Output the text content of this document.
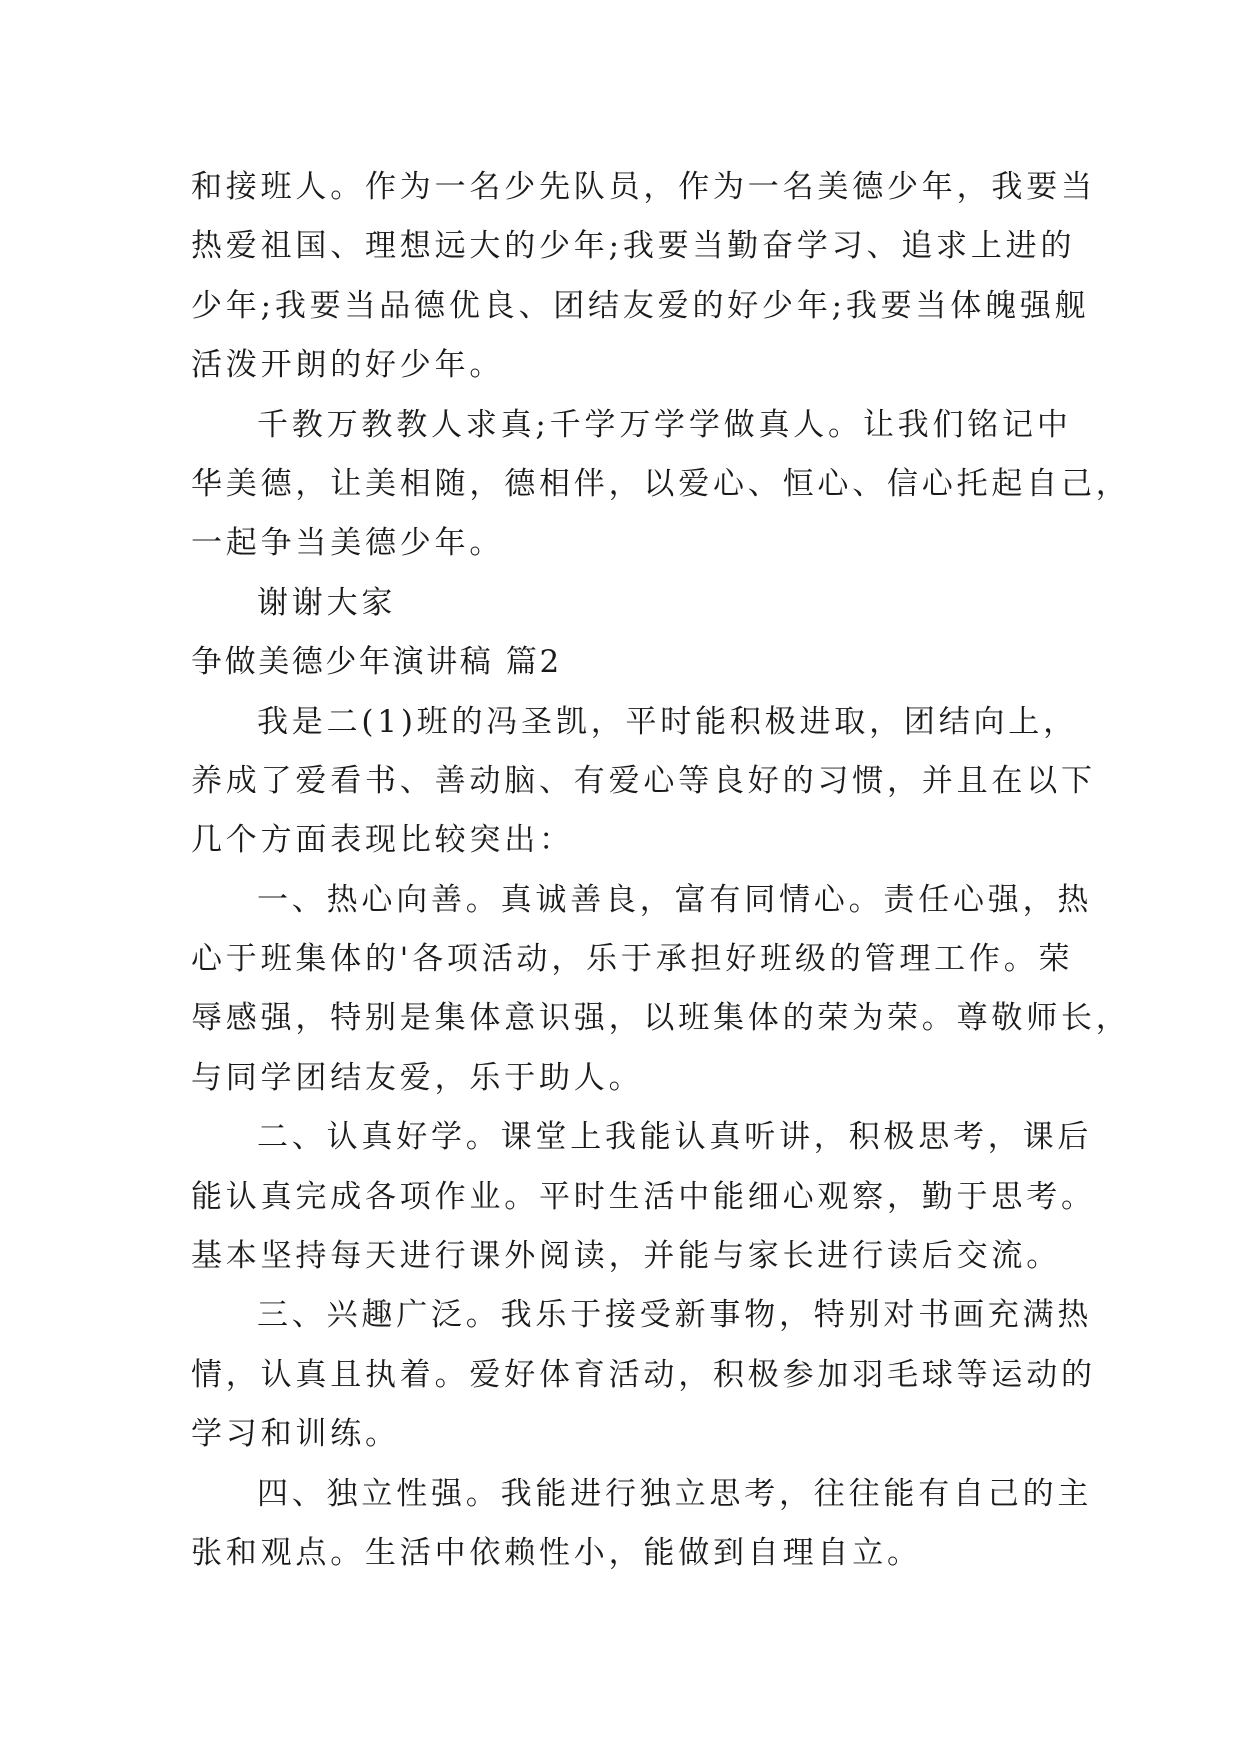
和接班人。作为一名少先队员，作为一名美德少年，我要当
热爱祖国、理想远大的少年;我要当勤奋学习、追求上进的
少年;我要当品德优良、团结友爱的好少年;我要当体魄强舰
活泼开朗的好少年。
千教万教教人求真;千学万学学做真人。让我们铭记中
华美德，让美相随，德相伴，以爱心、恒心、信心托起自己，
一起争当美德少年。
谢谢大家
争做美德少年演讲稿 篇2
我是二(1)班的冯圣凯，平时能积极进取，团结向上，
养成了爱看书、善动脑、有爱心等良好的习惯，并且在以下
几个方面表现比较突出：
一、热心向善。真诚善良，富有同情心。责任心强，热
心于班集体的'各项活动，乐于承担好班级的管理工作。荣
辱感强，特别是集体意识强，以班集体的荣为荣。尊敬师长，
与同学团结友爱，乐于助人。
二、认真好学。课堂上我能认真听讲，积极思考，课后
能认真完成各项作业。平时生活中能细心观察，勤于思考。
基本坚持每天进行课外阅读，并能与家长进行读后交流。
三、兴趣广泛。我乐于接受新事物，特别对书画充满热
情，认真且执着。爱好体育活动，积极参加羽毛球等运动的
学习和训练。
四、独立性强。我能进行独立思考，往往能有自己的主
张和观点。生活中依赖性小，能做到自理自立。
